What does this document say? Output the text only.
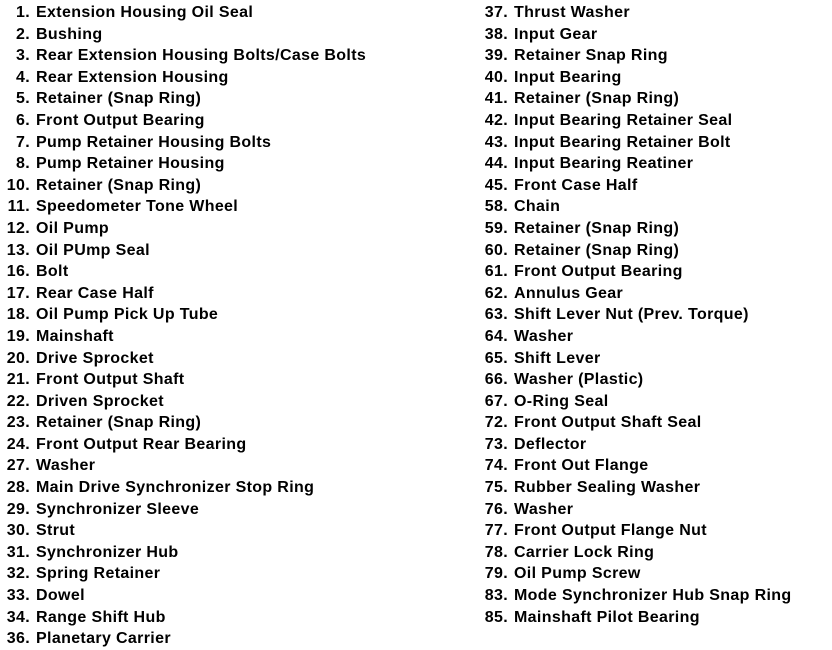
1. Extension Housing Oil Seal
2. Bushing
3. Rear Extension Housing Bolts/Case Bolts
4. Rear Extension Housing
5. Retainer (Snap Ring)
6. Front Output Bearing
7. Pump Retainer Housing Bolts
8. Pump Retainer Housing
10. Retainer (Snap Ring)
11. Speedometer Tone Wheel
12. Oil Pump
13. Oil PUmp Seal
16. Bolt
17. Rear Case Half
18. Oil Pump Pick Up Tube
19. Mainshaft
20. Drive Sprocket
21. Front Output Shaft
22. Driven Sprocket
23. Retainer (Snap Ring)
24. Front Output Rear Bearing
27. Washer
28. Main Drive Synchronizer Stop Ring
29. Synchronizer Sleeve
30. Strut
31. Synchronizer Hub
32. Spring Retainer
33. Dowel
34. Range Shift Hub
36. Planetary Carrier
37. Thrust Washer
38. Input Gear
39. Retainer Snap Ring
40. Input Bearing
41. Retainer (Snap Ring)
42. Input Bearing Retainer Seal
43. Input Bearing Retainer Bolt
44. Input Bearing Reatiner
45. Front Case Half
58. Chain
59. Retainer (Snap Ring)
60. Retainer (Snap Ring)
61. Front Output Bearing
62. Annulus Gear
63. Shift Lever Nut (Prev. Torque)
64. Washer
65. Shift Lever
66. Washer (Plastic)
67. O-Ring Seal
72. Front Output Shaft Seal
73. Deflector
74. Front Out Flange
75. Rubber Sealing Washer
76. Washer
77. Front Output Flange Nut
78. Carrier Lock Ring
79. Oil Pump Screw
83. Mode Synchronizer Hub Snap Ring
85. Mainshaft Pilot Bearing
